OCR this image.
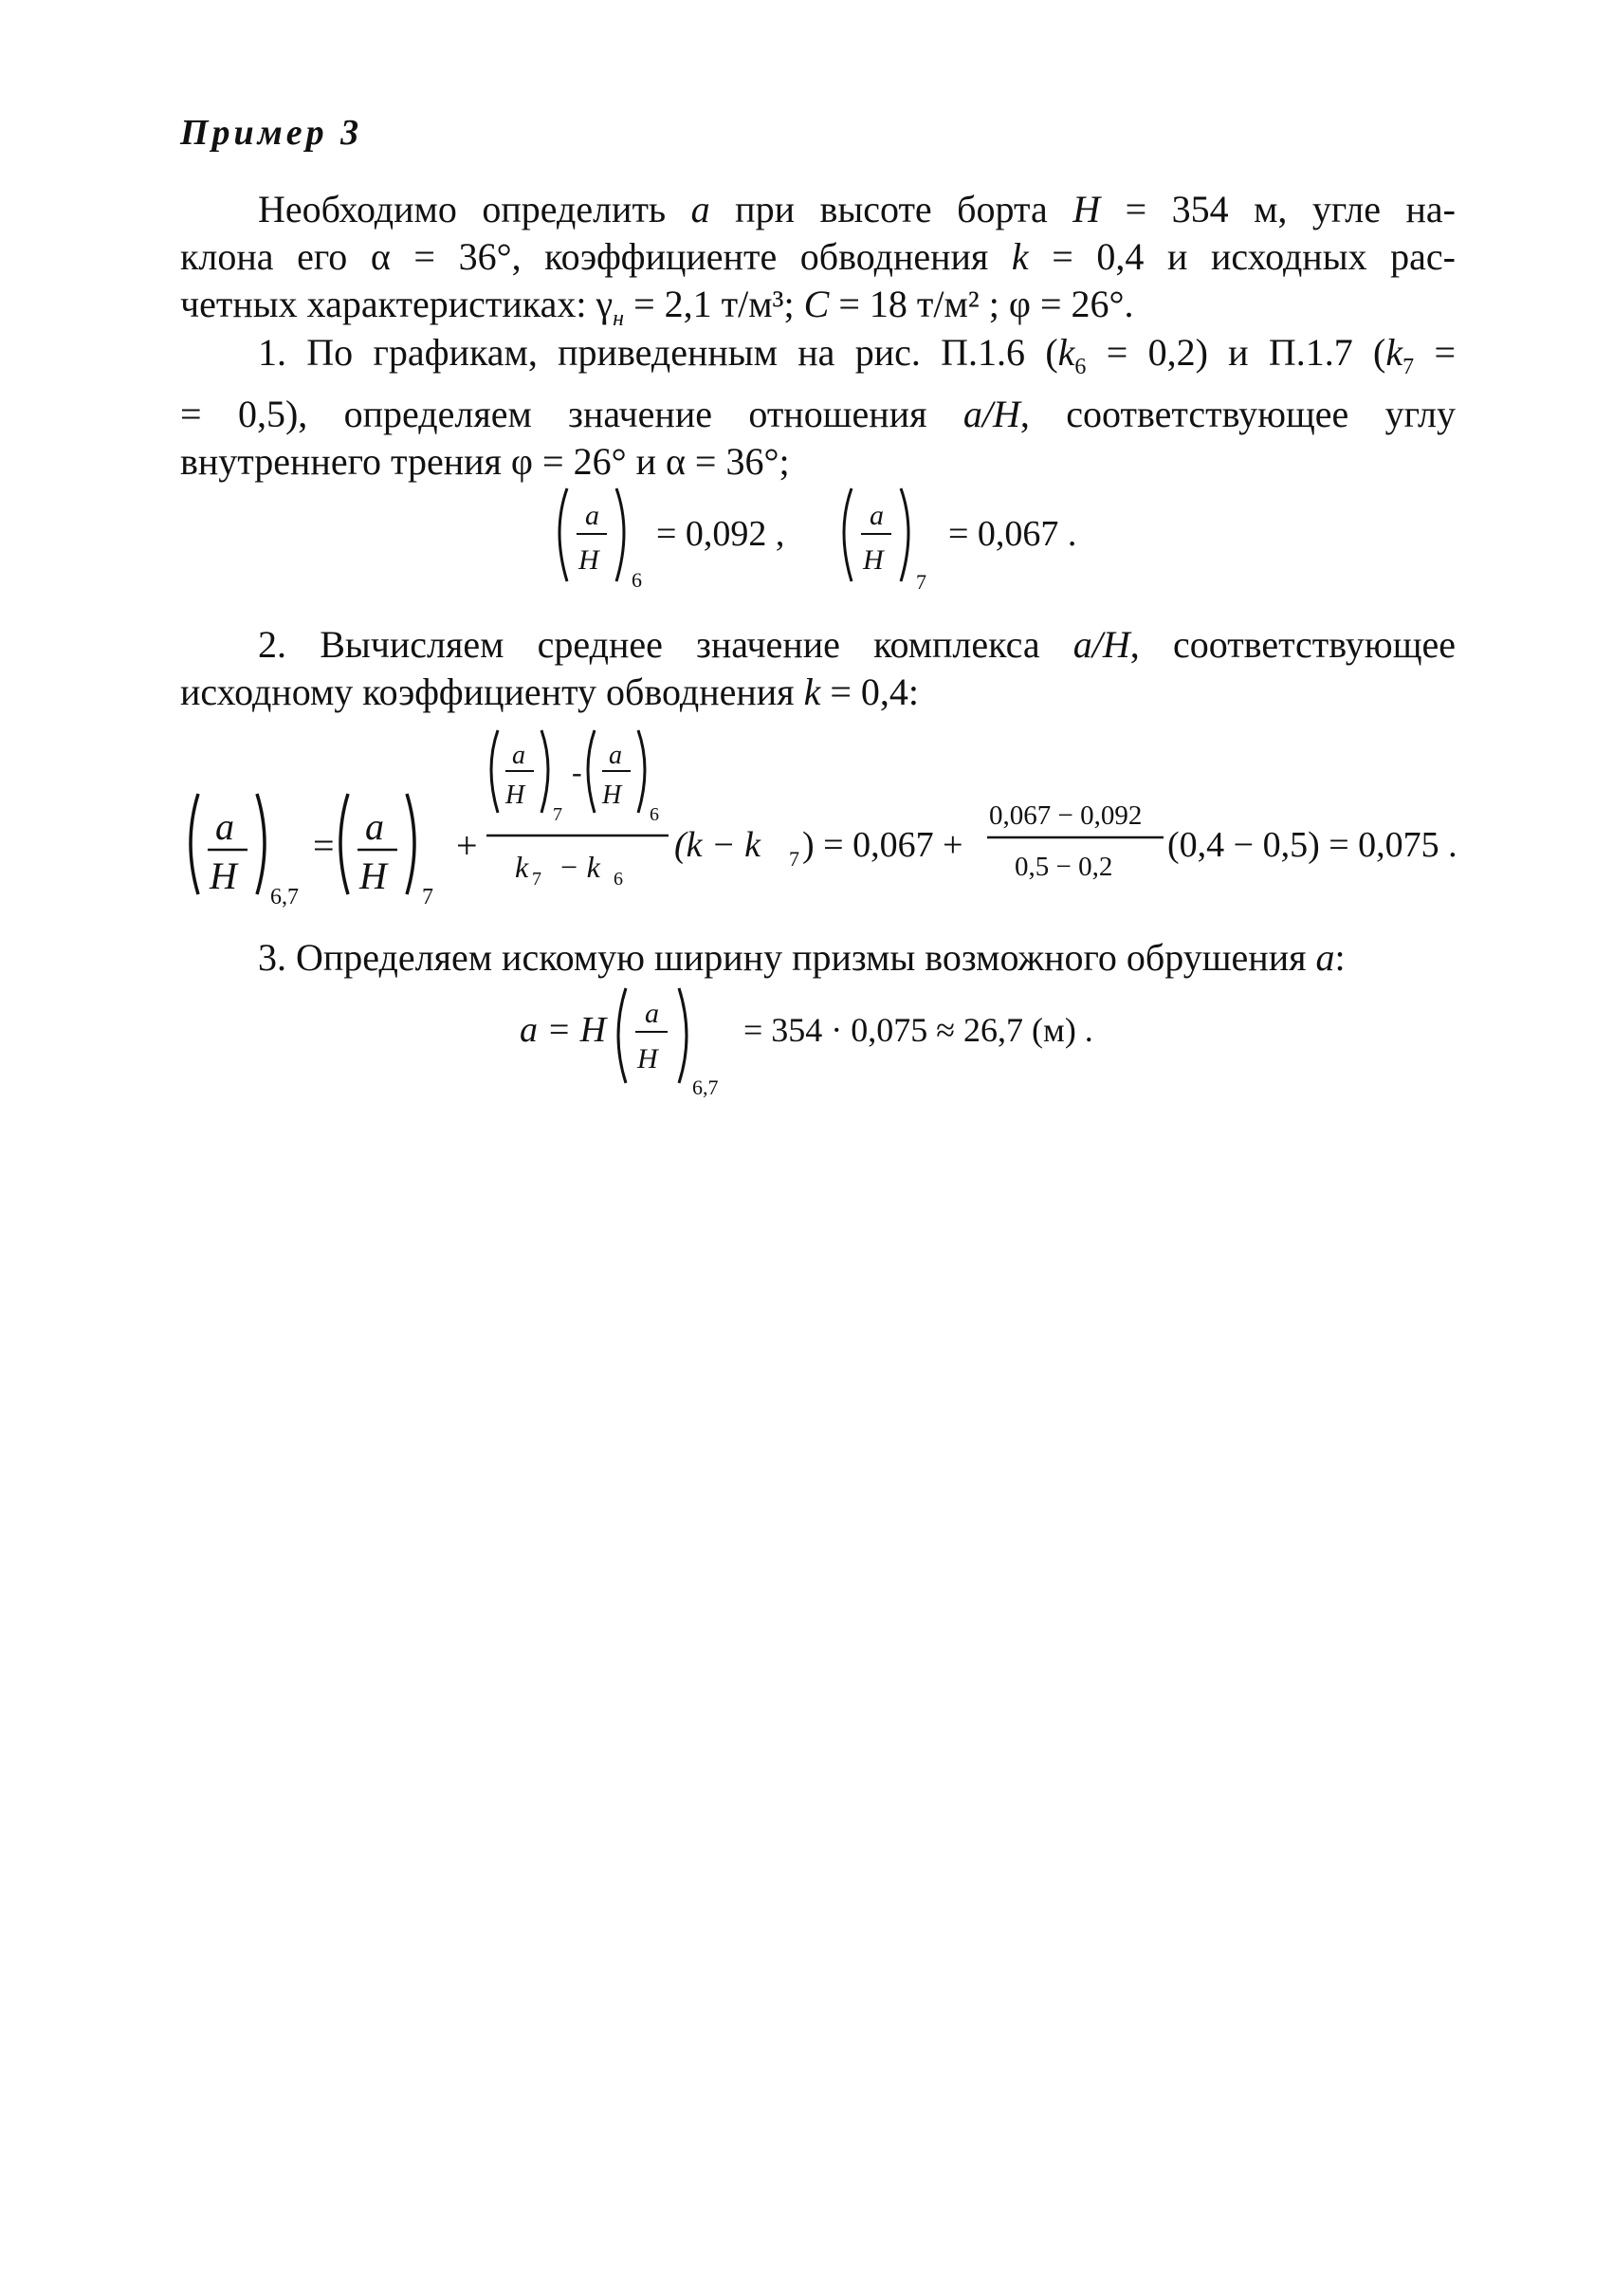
Пример 3
Необходимо определить a при высоте борта H = 354 м, угле на-
клона его α = 36°, коэффициенте обводнения k = 0,4 и исходных рас-
четных характеристиках: $\gamma_н = 2,1$ т/м³; C = 18 т/м² ; φ = 26°.
1. По графикам, приведенным на рис. П.1.6 $(k_6 = 0,2)$ и П.1.7 ($k_7$ =
= 0,5), определяем значение отношения a/H, соответствующее углу
внутреннего трения φ = 26° и α = 36°;
a
H
6
= 0,092 ,	a
H
7
= 0,067 .
2. Вычисляем среднее значение комплекса a/H, соответствующее
исходному коэффициенту обводнения k = 0,4:
a
H 6,7
= a
H 7
+
a
H
7
- a
H
6
k 7 − k 6
(k − k 7 ) = 0,067 +
0,067 − 0,092
0,5 − 0,2
(0,4 − 0,5) = 0,075 .
3. Определяем искомую ширину призмы возможного обрушения a:
a = H a
H
6,7
= 354 · 0,075 ≈ 26,7 (м) .
